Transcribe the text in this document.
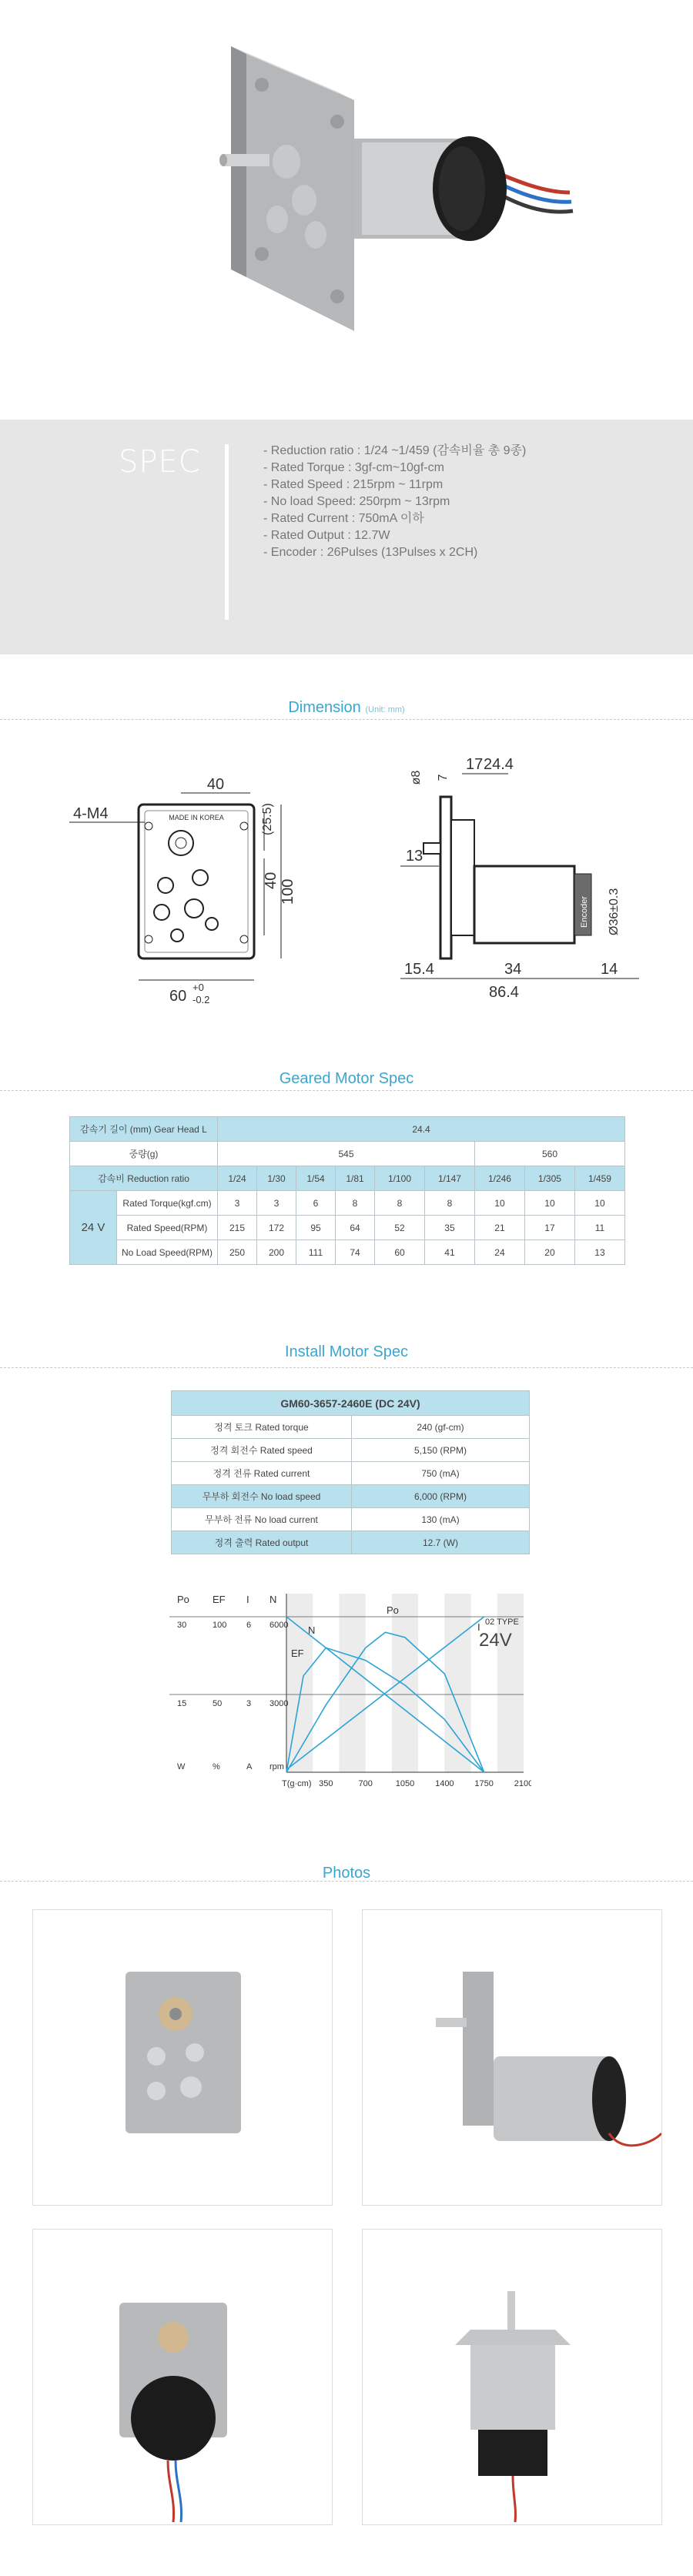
SPEC	- Reduction ratio : 1/24 ~1/459 (감속비율 총 9종)
- Rated Torque : 3gf-cm~10gf-cm
- Rated Speed : 215rpm ~ 11rpm
- No load Speed: 250rpm ~ 13rpm
- Rated Current : 750mA 이하
- Rated Output : 12.7W
- Encoder : 26Pulses (13Pulses x 2CH)
Dimension (Unit: mm)
MADE IN KOREA
40
4-M4	(25.5)
40 100
60
+0
-0.2
Encoder
ø8 7
17 24.4
13
15.4	34	14
86.4
Ø36±0.3
Geared Motor Spec
감속기 길이 (mm) Gear Head L		24.4								
중량(g)		545						560		
감속비 Reduction ratio		1/24	1/30	1/54	1/81	1/100	1/147	1/246	1/305	1/459
24 V	Rated Torque(kgf.cm)	3	3	6	8	8	8	10	10	10
	Rated Speed(RPM)	215	172	95	64	52	35	21	17	11
	No Load Speed(RPM)	250	200	111	74	60	41	24	20	13
Install Motor Spec
GM60-3657-2460E (DC 24V)	
정격 토크 Rated torque	240 (gf-cm)
정격 회전수 Rated speed	5,150 (RPM)
정격 전류 Rated current	750 (mA)
무부하 회전수 No load speed	6,000 (RPM)
무부하 전류 No load current	130 (mA)
정격 출력 Rated output	12.7 (W)
Po
30
15
W
EF
100
50
%
I
6
3
A
N
6000
3000
rpm
T(g·cm) 350	700	1050 1400 1750 2100
02 TYPE
24V
Po
N
EF
I
Photos
